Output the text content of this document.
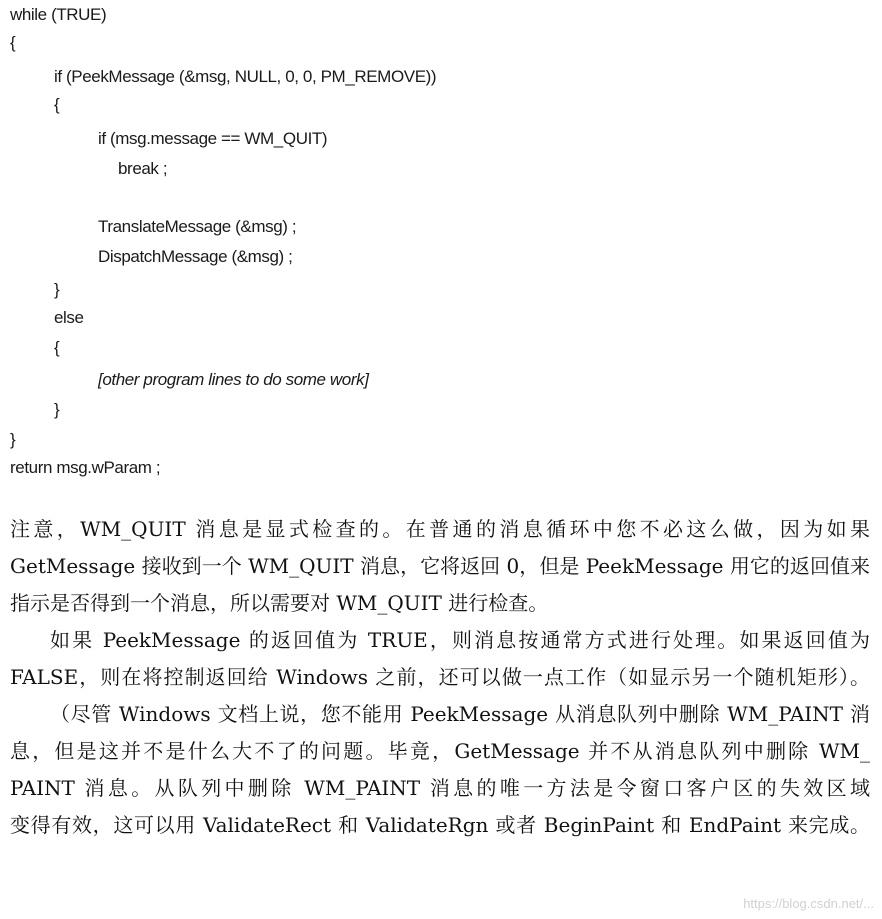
while (TRUE)
{
if (PeekMessage (&msg, NULL, 0, 0, PM_REMOVE))
{
if (msg.message == WM_QUIT)
break ;
TranslateMessage (&msg) ;
DispatchMessage (&msg) ;
}
else
{
[other program lines to do some work]
}
}
return msg.wParam ;
注意，WM_QUIT 消息是显式检查的。在普通的消息循环中您不必这么做，因为如果
GetMessage 接收到一个 WM_QUIT 消息，它将返回 0，但是 PeekMessage 用它的返回值来
指示是否得到一个消息，所以需要对 WM_QUIT 进行检查。
如果 PeekMessage 的返回值为 TRUE，则消息按通常方式进行处理。如果返回值为
FALSE，则在将控制返回给 Windows 之前，还可以做一点工作（如显示另一个随机矩形）。
（尽管 Windows 文档上说，您不能用 PeekMessage 从消息队列中删除 WM_PAINT 消
息，但是这并不是什么大不了的问题。毕竟，GetMessage 并不从消息队列中删除 WM_
PAINT 消息。从队列中删除 WM_PAINT 消息的唯一方法是令窗口客户区的失效区域
变得有效，这可以用 ValidateRect 和 ValidateRgn 或者 BeginPaint 和 EndPaint 来完成。
https://blog.csdn.net/...
